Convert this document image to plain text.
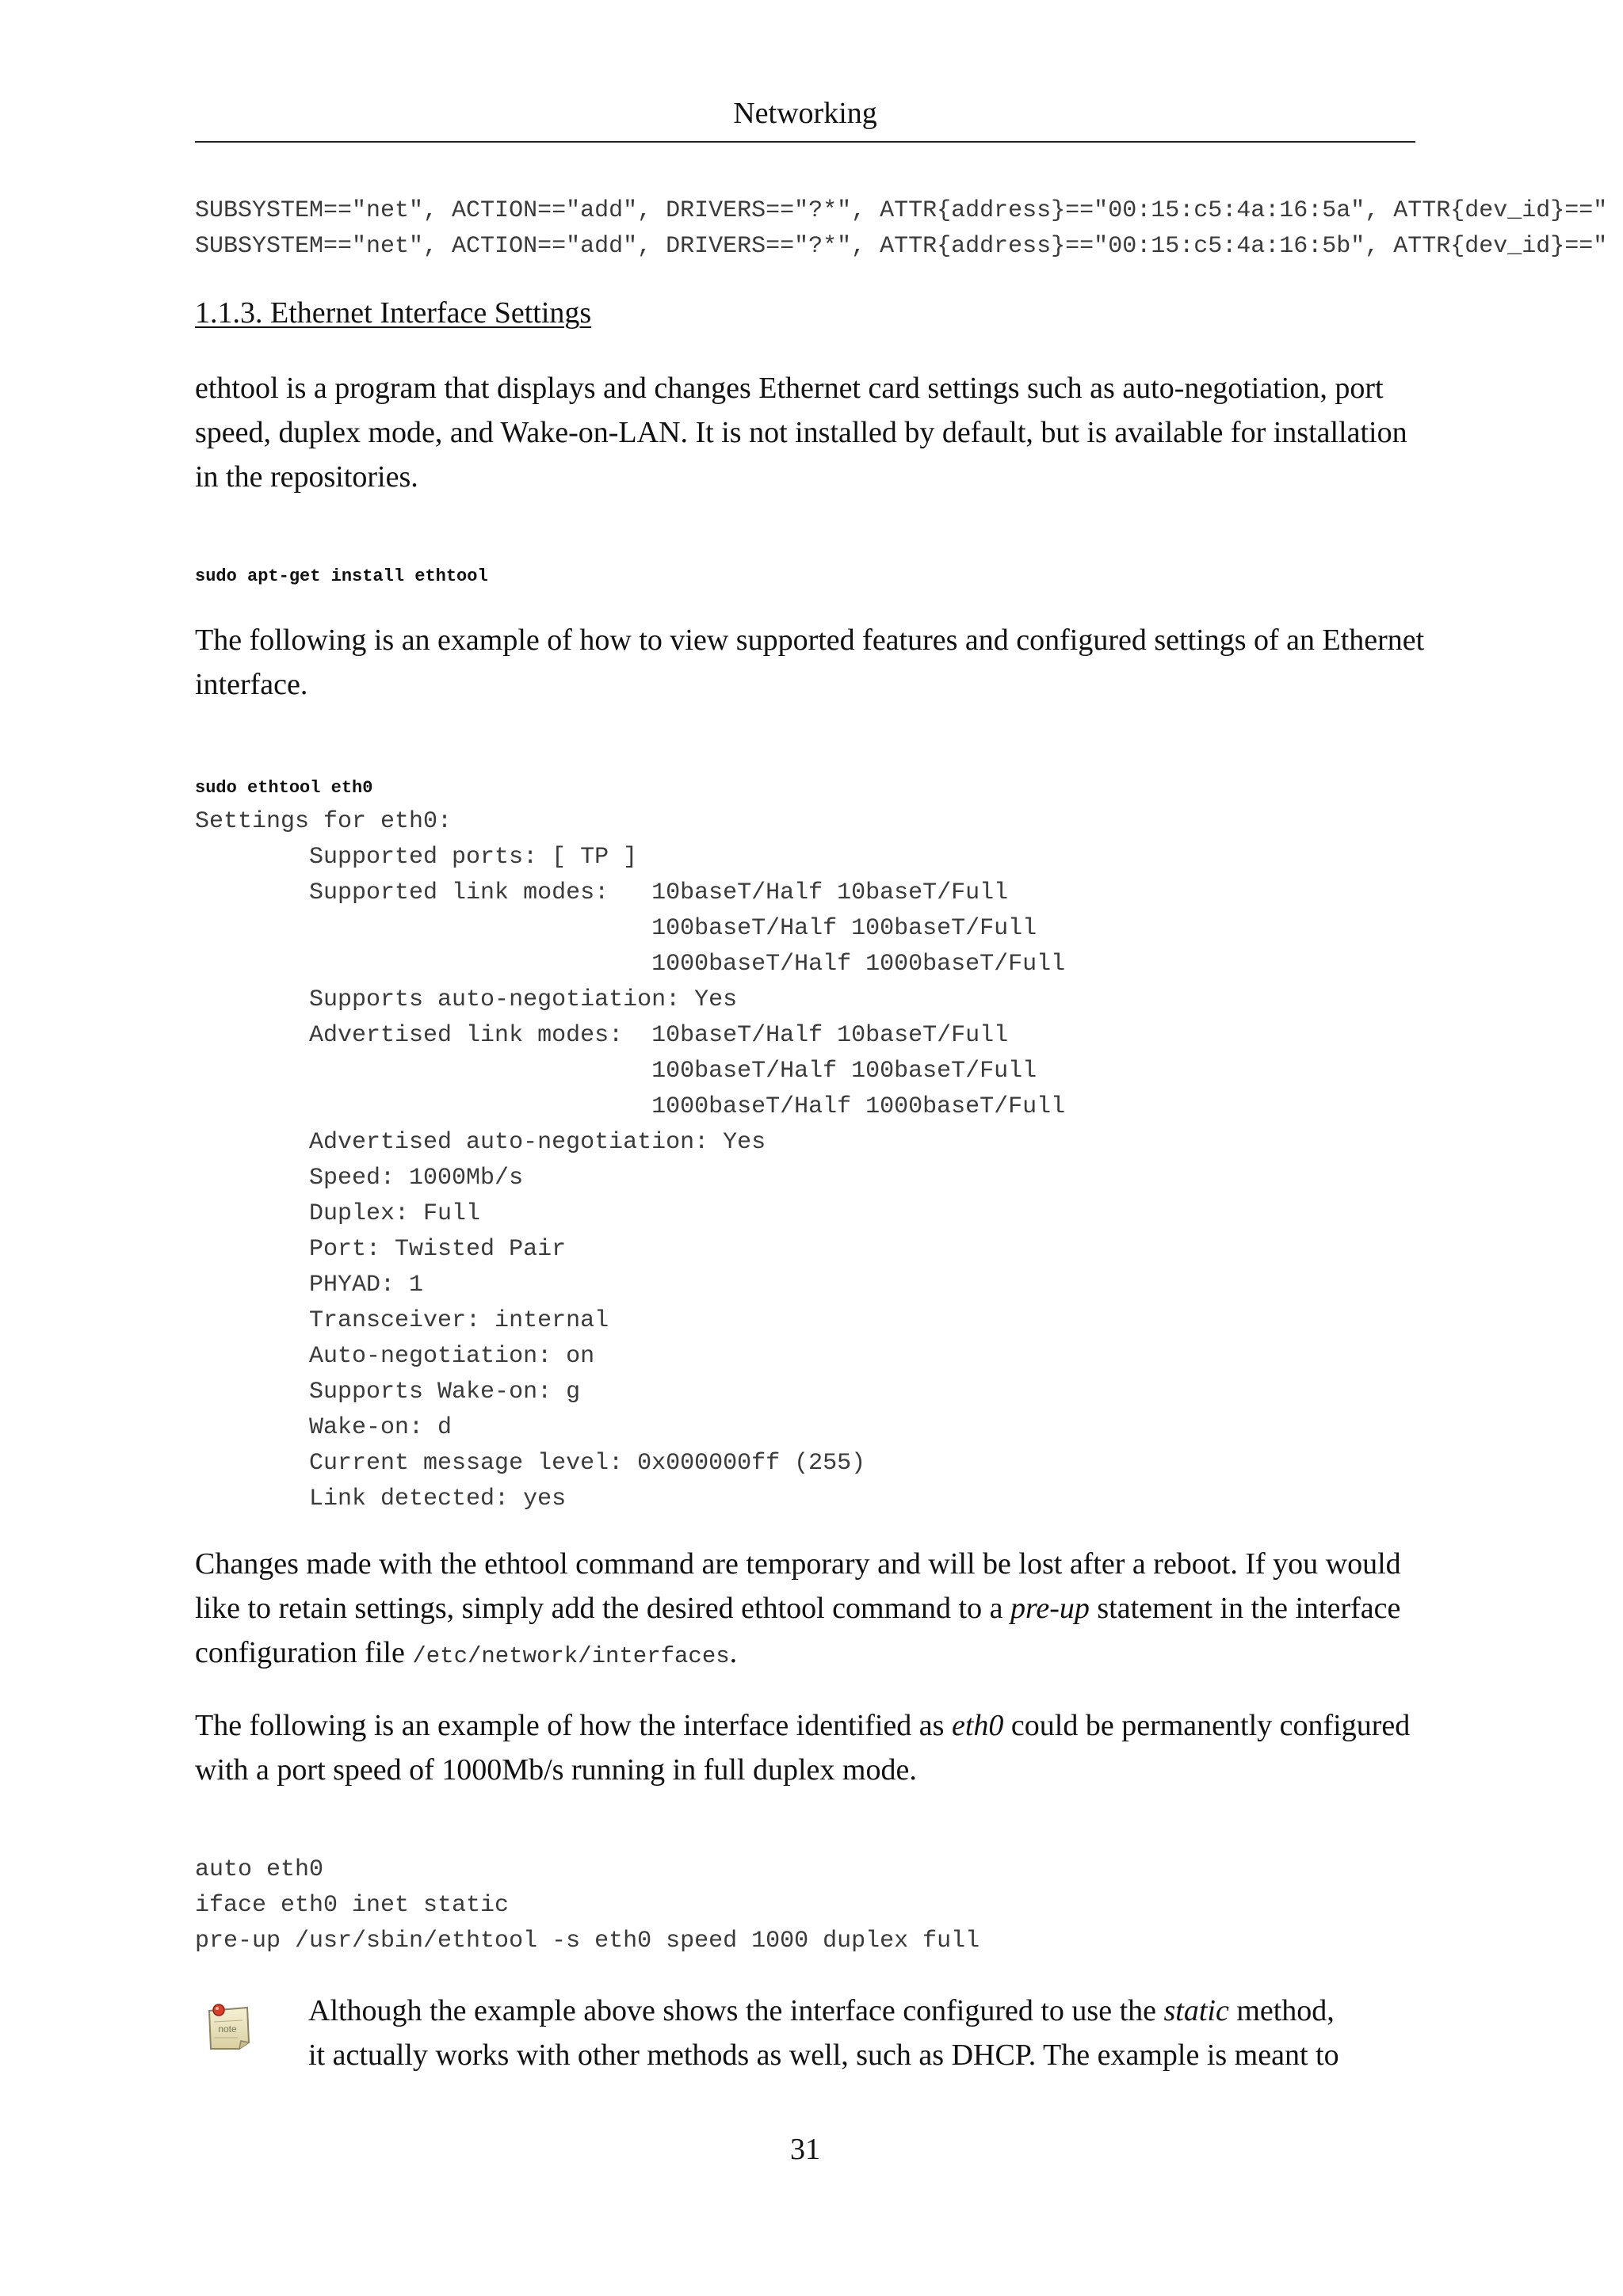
Networking
SUBSYSTEM=="net", ACTION=="add", DRIVERS=="?*", ATTR{address}=="00:15:c5:4a:16:5a", ATTR{dev_id}=="
SUBSYSTEM=="net", ACTION=="add", DRIVERS=="?*", ATTR{address}=="00:15:c5:4a:16:5b", ATTR{dev_id}=="
1.1.3. Ethernet Interface Settings
ethtool is a program that displays and changes Ethernet card settings such as auto-negotiation, port
speed, duplex mode, and Wake-on-LAN. It is not installed by default, but is available for installation
in the repositories.
sudo apt-get install ethtool
The following is an example of how to view supported features and configured settings of an Ethernet
interface.
sudo ethtool eth0
Settings for eth0:
Supported ports: [ TP ]
Supported link modes:   10baseT/Half 10baseT/Full
100baseT/Half 100baseT/Full
1000baseT/Half 1000baseT/Full
Supports auto-negotiation: Yes
Advertised link modes:  10baseT/Half 10baseT/Full
100baseT/Half 100baseT/Full
1000baseT/Half 1000baseT/Full
Advertised auto-negotiation: Yes
Speed: 1000Mb/s
Duplex: Full
Port: Twisted Pair
PHYAD: 1
Transceiver: internal
Auto-negotiation: on
Supports Wake-on: g
Wake-on: d
Current message level: 0x000000ff (255)
Link detected: yes
Changes made with the ethtool command are temporary and will be lost after a reboot. If you would
like to retain settings, simply add the desired ethtool command to a pre-up statement in the interface
configuration file /etc/network/interfaces.
The following is an example of how the interface identified as eth0 could be permanently configured
with a port speed of 1000Mb/s running in full duplex mode.
auto eth0
iface eth0 inet static
pre-up /usr/sbin/ethtool -s eth0 speed 1000 duplex full
note
Although the example above shows the interface configured to use the static method,
it actually works with other methods as well, such as DHCP. The example is meant to
31
